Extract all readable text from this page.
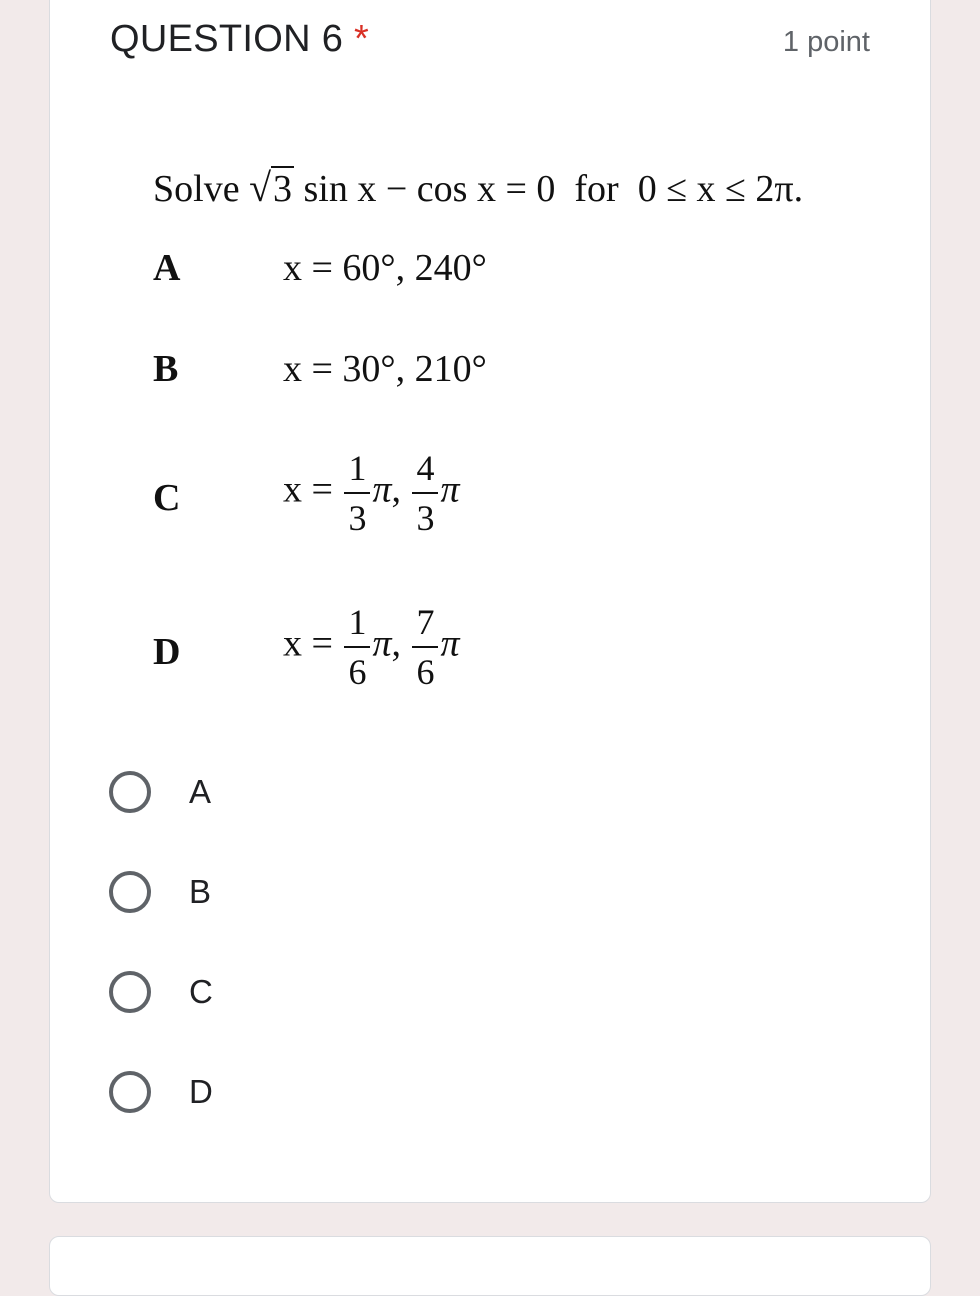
QUESTION 6 *	1 point
Solve √3 sin x − cos x = 0 for 0 ≤ x ≤ 2π.
A	x = 60°, 240°
B	x = 30°, 210°
C	$x = \frac{1}{3} \pi$, $\frac{4}{3}$ π
D	$x = \frac{1}{6} \pi$, $\frac{7}{6}$ π
A
B
C
D
